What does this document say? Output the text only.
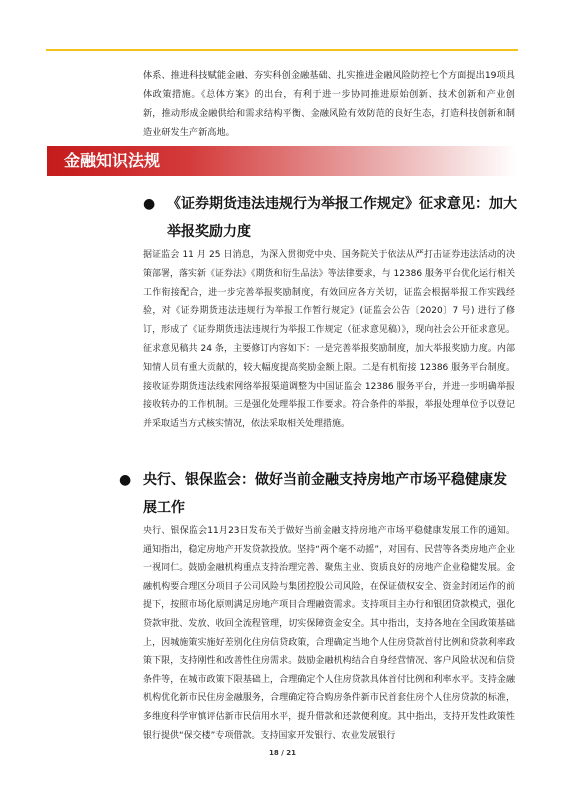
体系、推进科技赋能金融、夯实科创金融基础、扎实推进金融风险防控七个方面提出19项具体政策措施。《总体方案》的出台，有利于进一步协同推进原始创新、技术创新和产业创新，推动形成金融供给和需求结构平衡、金融风险有效防范的良好生态，打造科技创新和制造业研发生产新高地。

金融知识法规
● 《证券期货违法违规行为举报工作规定》征求意见：加大举报奖励力度

据证监会 11 月 25 日消息，为深入贯彻党中央、国务院关于依法从严打击证券违法活动的决策部署，落实新《证券法》《期货和衍生品法》等法律要求，与 12386 服务平台优化运行相关工作衔接配合，进一步完善举报奖励制度，有效回应各方关切，证监会根据举报工作实践经验，对《证券期货违法违规行为举报工作暂行规定》(证监会公告〔2020〕7 号) 进行了修订，形成了《证券期货违法违规行为举报工作规定（征求意见稿）》，现向社会公开征求意见。征求意见稿共 24 条，主要修订内容如下：一是完善举报奖励制度，加大举报奖励力度。内部知情人员有重大贡献的，较大幅度提高奖励金额上限。二是有机衔接 12386 服务平台制度。接收证券期货违法线索网络举报渠道调整为中国证监会 12386 服务平台，并进一步明确举报接收转办的工作机制。三是强化处理举报工作要求。符合条件的举报，举报处理单位予以登记并采取适当方式核实情况，依法采取相关处理措施。

● 央行、银保监会：做好当前金融支持房地产市场平稳健康发展工作

央行、银保监会11月23日发布关于做好当前金融支持房地产市场平稳健康发展工作的通知。通知指出，稳定房地产开发贷款投放。坚持“两个毫不动摇”，对国有、民营等各类房地产企业一视同仁。鼓励金融机构重点支持治理完善、聚焦主业、资质良好的房地产企业稳健发展。金融机构要合理区分项目子公司风险与集团控股公司风险，在保证债权安全、资金封闭运作的前提下，按照市场化原则满足房地产项目合理融资需求。支持项目主办行和银团贷款模式，强化贷款审批、发放、收回全流程管理，切实保障资金安全。其中指出，支持各地在全国政策基础上，因城施策实施好差别化住房信贷政策，合理确定当地个人住房贷款首付比例和贷款利率政策下限，支持刚性和改善性住房需求。鼓励金融机构结合自身经营情况、客户风险状况和信贷条件等，在城市政策下限基础上，合理确定个人住房贷款具体首付比例和利率水平。支持金融机构优化新市民住房金融服务，合理确定符合购房条件新市民首套住房个人住房贷款的标准，多维度科学审慎评估新市民信用水平，提升借款和还款便利度。其中指出，支持开发性政策性银行提供“保交楼”专项借款。支持国家开发银行、农业发展银行

18 / 21
